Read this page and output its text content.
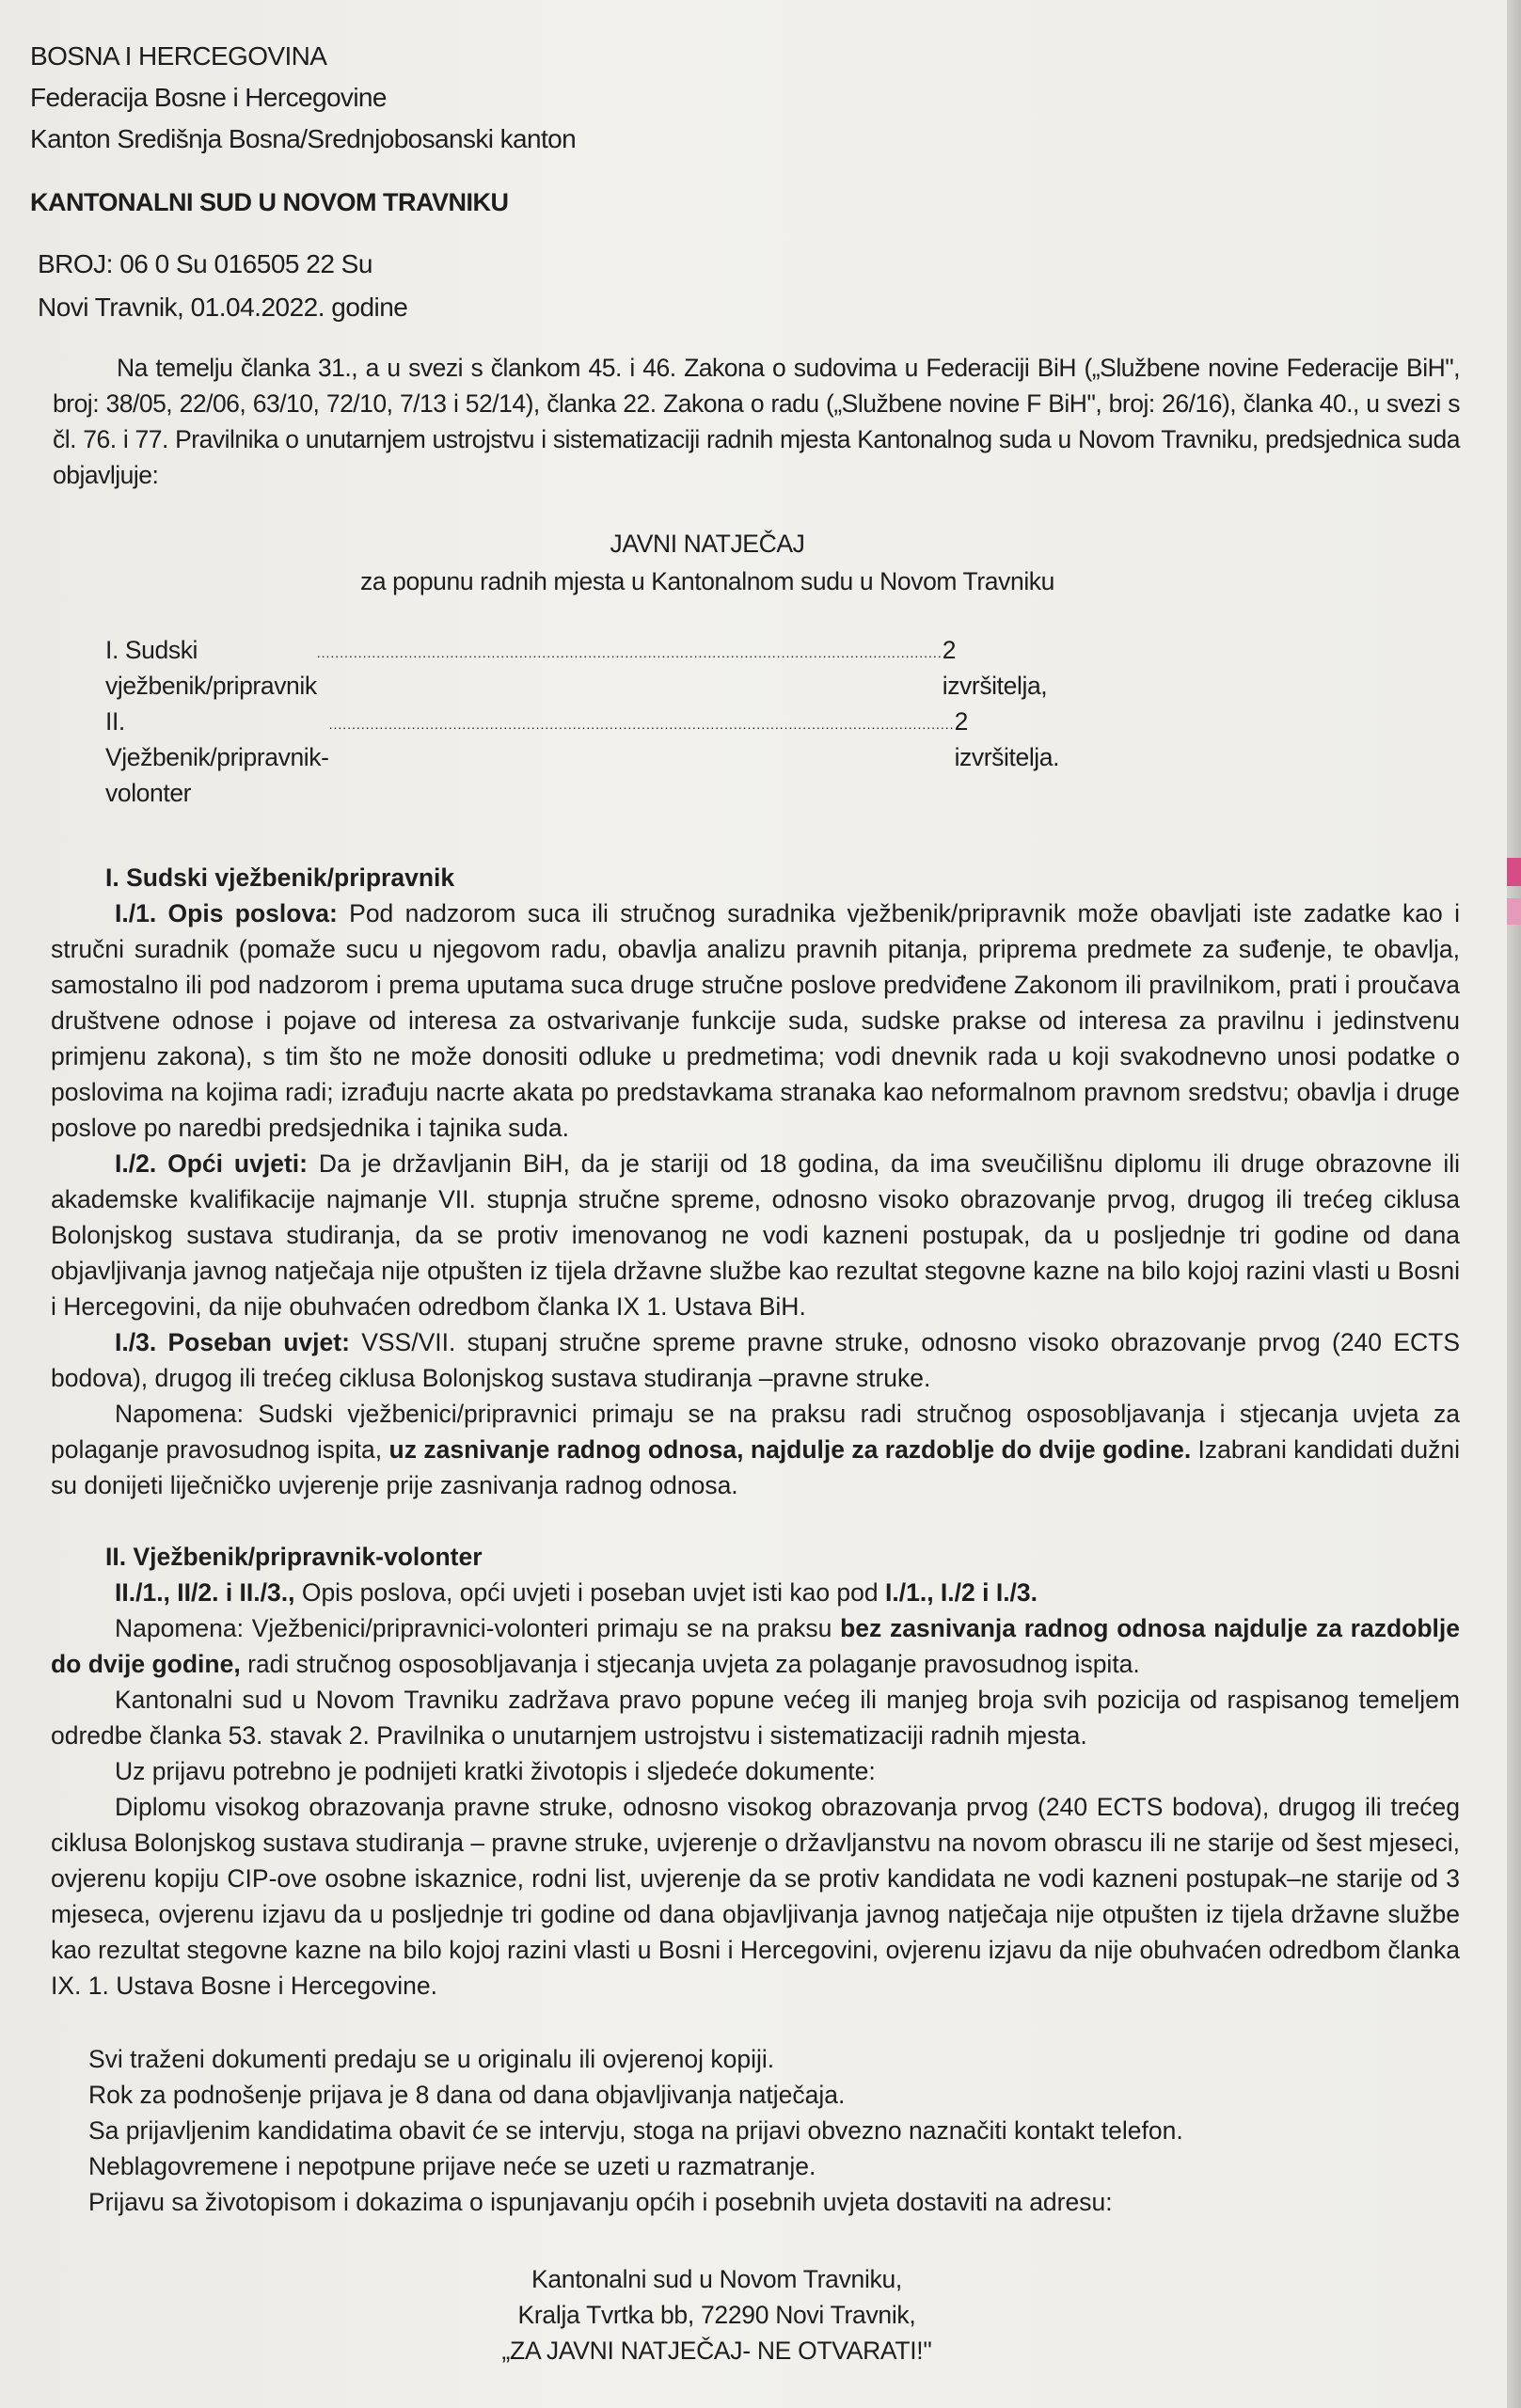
BOSNA I HERCEGOVINA
Federacija Bosne i Hercegovine
Kanton Središnja Bosna/Srednjobosanski kanton
KANTONALNI SUD U NOVOM TRAVNIKU
BROJ: 06 0 Su 016505 22 Su
Novi Travnik, 01.04.2022. godine
Na temelju članka 31., a u svezi s člankom 45. i 46. Zakona o sudovima u Federaciji BiH („Službene novine Federacije BiH", broj: 38/05, 22/06, 63/10, 72/10, 7/13 i 52/14), članka 22. Zakona o radu („Službene novine F BiH", broj: 26/16), članka 40., u svezi s čl. 76. i 77. Pravilnika o unutarnjem ustrojstvu i sistematizaciji radnih mjesta Kantonalnog suda u Novom Travniku, predsjednica suda objavljuje:
JAVNI NATJEČAJ
za popunu radnih mjesta u Kantonalnom sudu u Novom Travniku
I. Sudski vježbenik/pripravnik
........................................................................................................................................ 2 izvršitelja,
II. Vježbenik/pripravnik-volonter
........................................................................................................................................ 2 izvršitelja.
I. Sudski vježbenik/pripravnik
I./1. Opis poslova: Pod nadzorom suca ili stručnog suradnika vježbenik/pripravnik može obavljati iste zadatke kao i stručni suradnik (pomaže sucu u njegovom radu, obavlja analizu pravnih pitanja, priprema predmete za suđenje, te obavlja, samostalno ili pod nadzorom i prema uputama suca druge stručne poslove predviđene Zakonom ili pravilnikom, prati i proučava društvene odnose i pojave od interesa za ostvarivanje funkcije suda, sudske prakse od interesa za pravilnu i jedinstvenu primjenu zakona), s tim što ne može donositi odluke u predmetima; vodi dnevnik rada u koji svakodnevno unosi podatke o poslovima na kojima radi; izrađuju nacrte akata po predstavkama stranaka kao neformalnom pravnom sredstvu; obavlja i druge poslove po naredbi predsjednika i tajnika suda.
I./2. Opći uvjeti: Da je državljanin BiH, da je stariji od 18 godina, da ima sveučilišnu diplomu ili druge obrazovne ili akademske kvalifikacije najmanje VII. stupnja stručne spreme, odnosno visoko obrazovanje prvog, drugog ili trećeg ciklusa Bolonjskog sustava studiranja, da se protiv imenovanog ne vodi kazneni postupak, da u posljednje tri godine od dana objavljivanja javnog natječaja nije otpušten iz tijela državne službe kao rezultat stegovne kazne na bilo kojoj razini vlasti u Bosni i Hercegovini, da nije obuhvaćen odredbom članka IX 1. Ustava BiH.
I./3. Poseban uvjet: VSS/VII. stupanj stručne spreme pravne struke, odnosno visoko obrazovanje prvog (240 ECTS bodova), drugog ili trećeg ciklusa Bolonjskog sustava studiranja –pravne struke.
Napomena: Sudski vježbenici/pripravnici primaju se na praksu radi stručnog osposobljavanja i stjecanja uvjeta za polaganje pravosudnog ispita, uz zasnivanje radnog odnosa, najdulje za razdoblje do dvije godine. Izabrani kandidati dužni su donijeti liječničko uvjerenje prije zasnivanja radnog odnosa.
II. Vježbenik/pripravnik-volonter
II./1., II/2. i II./3., Opis poslova, opći uvjeti i poseban uvjet isti kao pod I./1., I./2 i I./3.
Napomena: Vježbenici/pripravnici-volonteri primaju se na praksu bez zasnivanja radnog odnosa najdulje za razdoblje do dvije godine, radi stručnog osposobljavanja i stjecanja uvjeta za polaganje pravosudnog ispita.
Kantonalni sud u Novom Travniku zadržava pravo popune većeg ili manjeg broja svih pozicija od raspisanog temeljem odredbe članka 53. stavak 2. Pravilnika o unutarnjem ustrojstvu i sistematizaciji radnih mjesta.
Uz prijavu potrebno je podnijeti kratki životopis i sljedeće dokumente:
Diplomu visokog obrazovanja pravne struke, odnosno visokog obrazovanja prvog (240 ECTS bodova), drugog ili trećeg ciklusa Bolonjskog sustava studiranja – pravne struke, uvjerenje o državljanstvu na novom obrascu ili ne starije od šest mjeseci, ovjerenu kopiju CIP-ove osobne iskaznice, rodni list, uvjerenje da se protiv kandidata ne vodi kazneni postupak–ne starije od 3 mjeseca, ovjerenu izjavu da u posljednje tri godine od dana objavljivanja javnog natječaja nije otpušten iz tijela državne službe kao rezultat stegovne kazne na bilo kojoj razini vlasti u Bosni i Hercegovini, ovjerenu izjavu da nije obuhvaćen odredbom članka IX. 1. Ustava Bosne i Hercegovine.
Svi traženi dokumenti predaju se u originalu ili ovjerenoj kopiji.
Rok za podnošenje prijava je 8 dana od dana objavljivanja natječaja.
Sa prijavljenim kandidatima obavit će se intervju, stoga na prijavi obvezno naznačiti kontakt telefon.
Neblagovremene i nepotpune prijave neće se uzeti u razmatranje.
Prijavu sa životopisom i dokazima o ispunjavanju općih i posebnih uvjeta dostaviti na adresu:
Kantonalni sud u Novom Travniku,
Kralja Tvrtka bb, 72290 Novi Travnik,
„ZA JAVNI NATJEČAJ- NE OTVARATI!"
